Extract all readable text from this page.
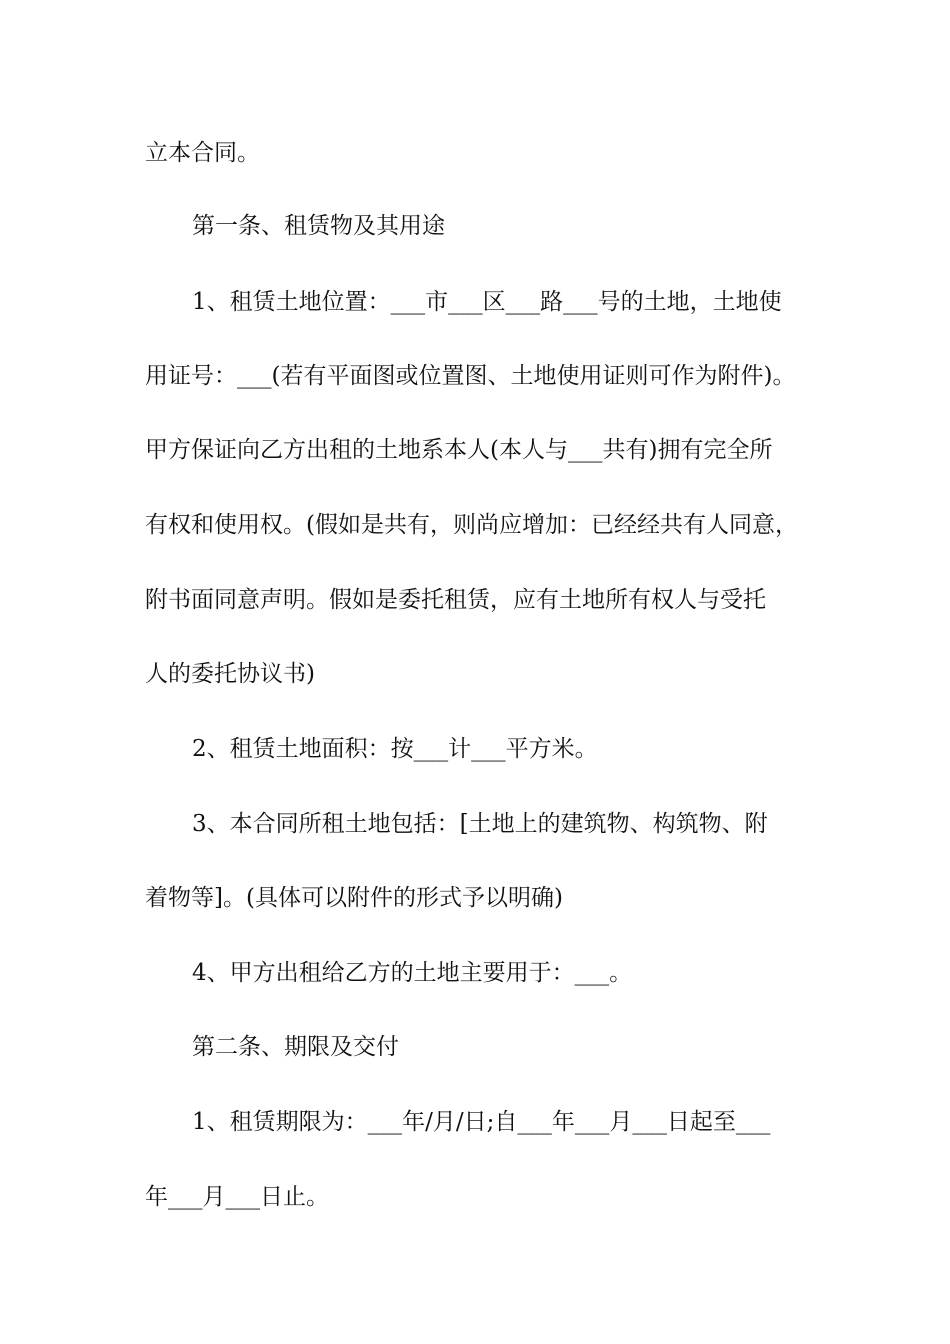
立本合同。
第一条、租赁物及其用途
1、租赁土地位置：___市___区___路___号的土地，土地使
用证号：___(若有平面图或位置图、土地使用证则可作为附件)。
甲方保证向乙方出租的土地系本人(本人与___共有)拥有完全所
有权和使用权。(假如是共有，则尚应增加：已经经共有人同意，
附书面同意声明。假如是委托租赁，应有土地所有权人与受托
人的委托协议书)
2、租赁土地面积：按___计___平方米。
3、本合同所租土地包括：[土地上的建筑物、构筑物、附
着物等]。(具体可以附件的形式予以明确)
4、甲方出租给乙方的土地主要用于：___。
第二条、期限及交付
1、租赁期限为：___年/月/日;自___年___月___日起至___
年___月___日止。
